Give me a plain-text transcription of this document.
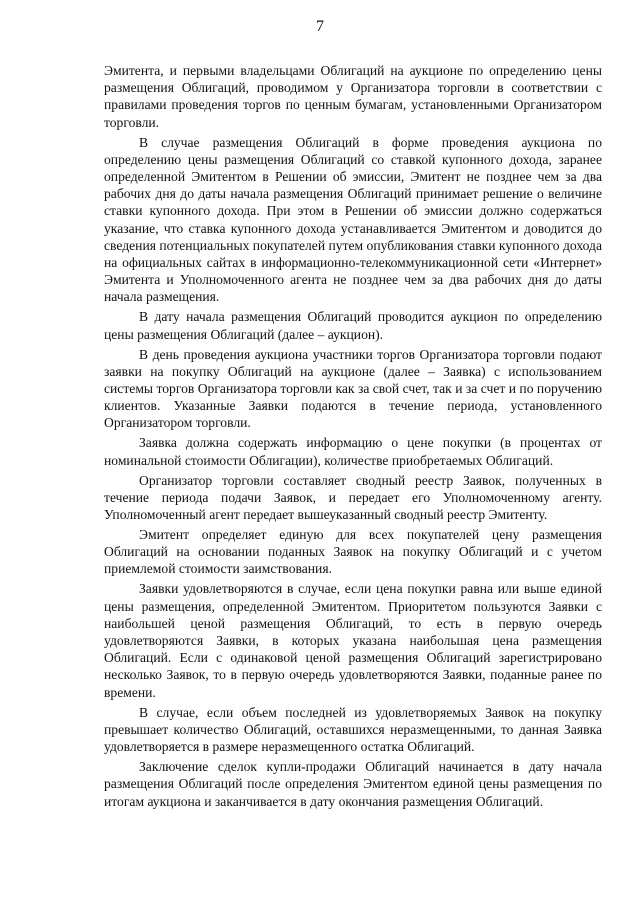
7

Эмитента, и первыми владельцами Облигаций на аукционе по определению цены размещения Облигаций, проводимом у Организатора торговли в соответствии с правилами проведения торгов по ценным бумагам, установленными Организатором торговли.

В случае размещения Облигаций в форме проведения аукциона по определению цены размещения Облигаций со ставкой купонного дохода, заранее определенной Эмитентом в Решении об эмиссии, Эмитент не позднее чем за два рабочих дня до даты начала размещения Облигаций принимает решение о величине ставки купонного дохода. При этом в Решении об эмиссии должно содержаться указание, что ставка купонного дохода устанавливается Эмитентом и доводится до сведения потенциальных покупателей путем опубликования ставки купонного дохода на официальных сайтах в информационно-телекоммуникационной сети «Интернет» Эмитента и Уполномоченного агента не позднее чем за два рабочих дня до даты начала размещения.

В дату начала размещения Облигаций проводится аукцион по определению цены размещения Облигаций (далее – аукцион).

В день проведения аукциона участники торгов Организатора торговли подают заявки на покупку Облигаций на аукционе (далее – Заявка) с использованием системы торгов Организатора торговли как за свой счет, так и за счет и по поручению клиентов. Указанные Заявки подаются в течение периода, установленного Организатором торговли.

Заявка должна содержать информацию о цене покупки (в процентах от номинальной стоимости Облигации), количестве приобретаемых Облигаций.

Организатор торговли составляет сводный реестр Заявок, полученных в течение периода подачи Заявок, и передает его Уполномоченному агенту. Уполномоченный агент передает вышеуказанный сводный реестр Эмитенту.

Эмитент определяет единую для всех покупателей цену размещения Облигаций на основании поданных Заявок на покупку Облигаций и с учетом приемлемой стоимости заимствования.

Заявки удовлетворяются в случае, если цена покупки равна или выше единой цены размещения, определенной Эмитентом. Приоритетом пользуются Заявки с наибольшей ценой размещения Облигаций, то есть в первую очередь удовлетворяются Заявки, в которых указана наибольшая цена размещения Облигаций. Если с одинаковой ценой размещения Облигаций зарегистрировано несколько Заявок, то в первую очередь удовлетворяются Заявки, поданные ранее по времени.

В случае, если объем последней из удовлетворяемых Заявок на покупку превышает количество Облигаций, оставшихся неразмещенными, то данная Заявка удовлетворяется в размере неразмещенного остатка Облигаций.

Заключение сделок купли-продажи Облигаций начинается в дату начала размещения Облигаций после определения Эмитентом единой цены размещения по итогам аукциона и заканчивается в дату окончания размещения Облигаций.
